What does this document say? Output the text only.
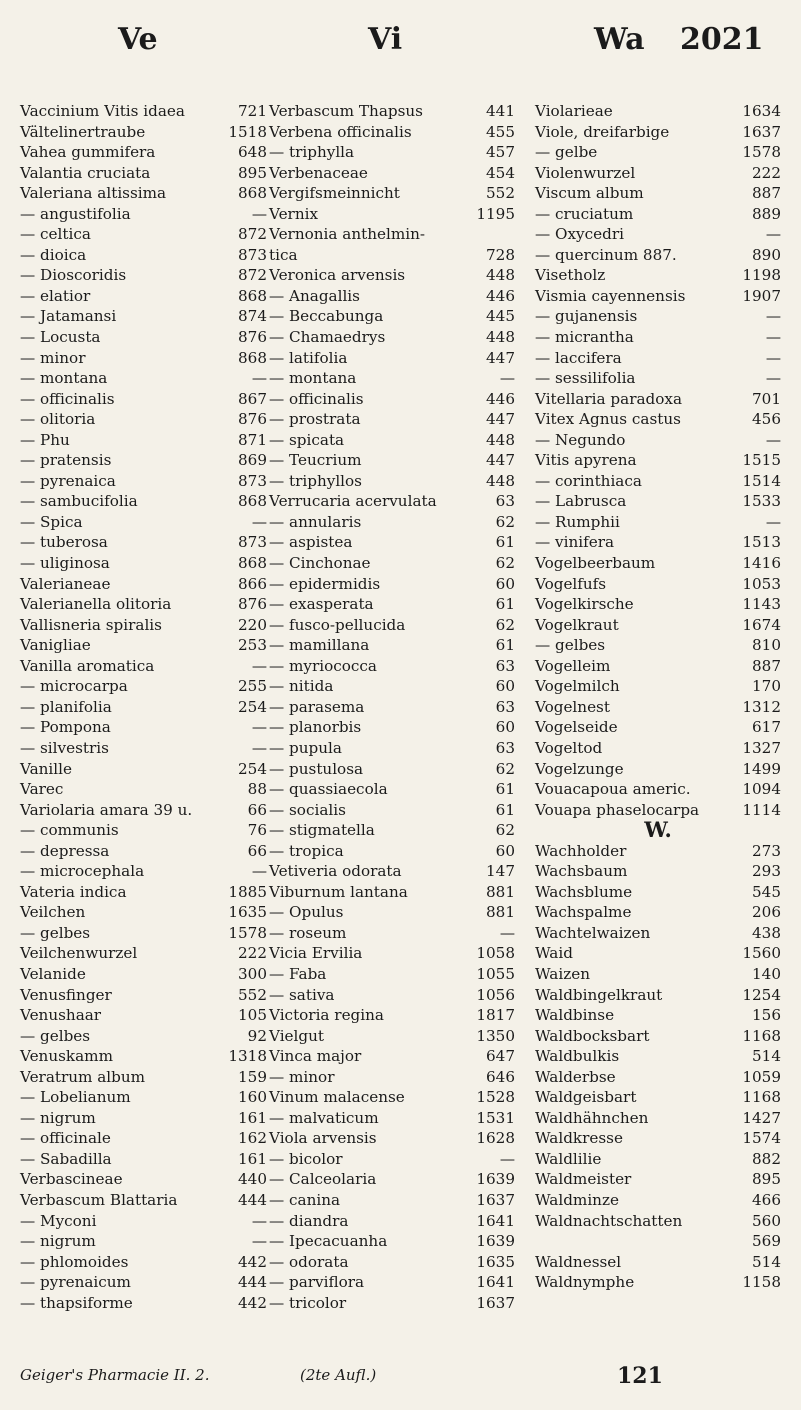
Ve	Vi	Wa 2021
Vaccinium Vitis idaea	721
Vältelinertraube	1518
Vahea gummifera	648
Valantia cruciata	895
Valeriana altissima	868
— angustifolia	—
— celtica	872
— dioica	873
— Dioscoridis	872
— elatior	868
— Jatamansi	874
— Locusta	876
— minor	868
— montana	—
— officinalis	867
— olitoria	876
— Phu	871
— pratensis	869
— pyrenaica	873
— sambucifolia	868
— Spica	—
— tuberosa	873
— uliginosa	868
Valerianeae	866
Valerianella olitoria	876
Vallisneria spiralis	220
Vanigliae	253
Vanilla aromatica	—
— microcarpa	255
— planifolia	254
— Pompona	—
— silvestris	—
Vanille	254
Varec	88
Variolaria amara 39 u.	66
— communis	76
— depressa	66
— microcephala	—
Vateria indica	1885
Veilchen	1635
— gelbes	1578
Veilchenwurzel	222
Velanide	300
Venusfinger	552
Venushaar	105
— gelbes	92
Venuskamm	1318
Veratrum album	159
— Lobelianum	160
— nigrum	161
— officinale	162
— Sabadilla	161
Verbascineae	440
Verbascum Blattaria	444
— Myconi	—
— nigrum	—
— phlomoides	442
— pyrenaicum	444
— thapsiforme	442
Verbascum Thapsus	441
Verbena officinalis	455
— triphylla	457
Verbenaceae	454
Vergifsmeinnicht	552
Vernix	1195
Vernonia anthelmin-
tica	728
Veronica arvensis	448
— Anagallis	446
— Beccabunga	445
— Chamaedrys	448
— latifolia	447
— montana	—
— officinalis	446
— prostrata	447
— spicata	448
— Teucrium	447
— triphyllos	448
Verrucaria acervulata	63
— annularis	62
— aspistea	61
— Cinchonae	62
— epidermidis	60
— exasperata	61
— fusco-pellucida	62
— mamillana	61
— myriococca	63
— nitida	60
— parasema	63
— planorbis	60
— pupula	63
— pustulosa	62
— quassiaecola	61
— socialis	61
— stigmatella	62
— tropica	60
Vetiveria odorata	147
Viburnum lantana	881
— Opulus	881
— roseum	—
Vicia Ervilia	1058
— Faba	1055
— sativa	1056
Victoria regina	1817
Vielgut	1350
Vinca major	647
— minor	646
Vinum malacense	1528
— malvaticum	1531
Viola arvensis	1628
— bicolor	—
— Calceolaria	1639
— canina	1637
— diandra	1641
— Ipecacuanha	1639
— odorata	1635
— parviflora	1641
— tricolor	1637
Violarieae	1634
Viole, dreifarbige	1637
— gelbe	1578
Violenwurzel	222
Viscum album	887
— cruciatum	889
— Oxycedri	—
— quercinum 887.	890
Visetholz	1198
Vismia cayennensis	1907
— gujanensis	—
— micrantha	—
— laccifera	—
— sessilifolia	—
Vitellaria paradoxa	701
Vitex Agnus castus	456
— Negundo	—
Vitis apyrena	1515
— corinthiaca	1514
— Labrusca	1533
— Rumphii	—
— vinifera	1513
Vogelbeerbaum	1416
Vogelfufs	1053
Vogelkirsche	1143
Vogelkraut	1674
— gelbes	810
Vogelleim	887
Vogelmilch	170
Vogelnest	1312
Vogelseide	617
Vogeltod	1327
Vogelzunge	1499
Vouacapoua americ.	1094
Vouapa phaselocarpa	1114
W.
Wachholder	273
Wachsbaum	293
Wachsblume	545
Wachspalme	206
Wachtelwaizen	438
Waid	1560
Waizen	140
Waldbingelkraut	1254
Waldbinse	156
Waldbocksbart	1168
Waldbulkis	514
Walderbse	1059
Waldgeisbart	1168
Waldhähnchen	1427
Waldkresse	1574
Waldlilie	882
Waldmeister	895
Waldminze	466
Waldnachtschatten	560
569
Waldnessel	514
Waldnymphe	1158
Geiger's Pharmacie II. 2.	(2te Aufl.)	121
